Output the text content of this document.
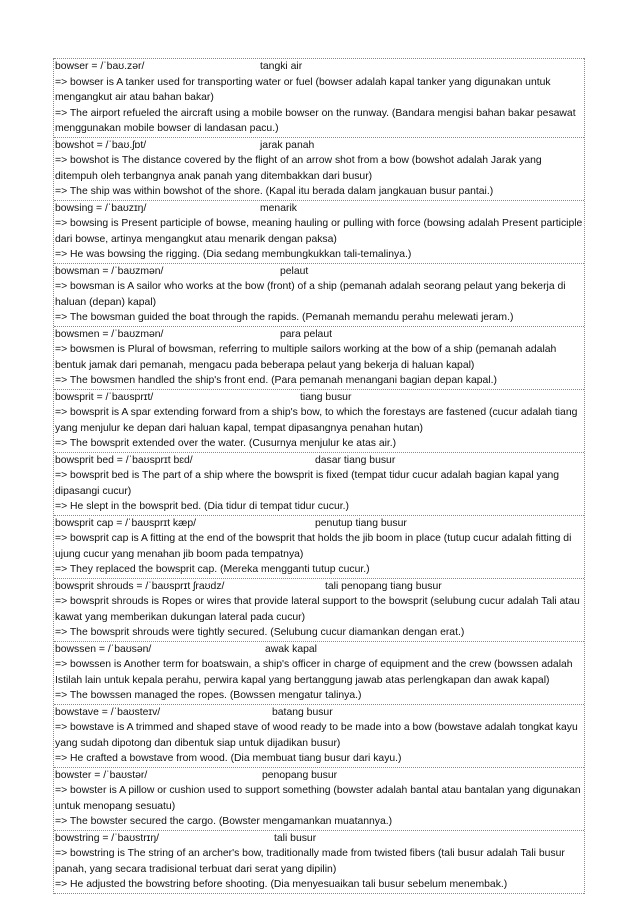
bowser = /ˈbaʊ.zər/	tangki air
=> bowser is A tanker used for transporting water or fuel (bowser adalah kapal tanker yang digunakan untuk mengangkut air atau bahan bakar)
=> The airport refueled the aircraft using a mobile bowser on the runway. (Bandara mengisi bahan bakar pesawat menggunakan mobile bowser di landasan pacu.)
bowshot = /ˈbaʊ.ʃɒt/	jarak panah
=> bowshot is The distance covered by the flight of an arrow shot from a bow (bowshot adalah Jarak yang ditempuh oleh terbangnya anak panah yang ditembakkan dari busur)
=> The ship was within bowshot of the shore. (Kapal itu berada dalam jangkauan busur pantai.)
bowsing = /ˈbaʊzɪŋ/	menarik
=> bowsing is Present participle of bowse, meaning hauling or pulling with force (bowsing adalah Present participle dari bowse, artinya mengangkut atau menarik dengan paksa)
=> He was bowsing the rigging. (Dia sedang membungkukkan tali-temalinya.)
bowsman = /ˈbaʊzmən/	pelaut
=> bowsman is A sailor who works at the bow (front) of a ship (pemanah adalah seorang pelaut yang bekerja di haluan (depan) kapal)
=> The bowsman guided the boat through the rapids. (Pemanah memandu perahu melewati jeram.)
bowsmen = /ˈbaʊzmən/	para pelaut
=> bowsmen is Plural of bowsman, referring to multiple sailors working at the bow of a ship (pemanah adalah bentuk jamak dari pemanah, mengacu pada beberapa pelaut yang bekerja di haluan kapal)
=> The bowsmen handled the ship's front end. (Para pemanah menangani bagian depan kapal.)
bowsprit = /ˈbaʊsprɪt/	tiang busur
=> bowsprit is A spar extending forward from a ship's bow, to which the forestays are fastened (cucur adalah tiang yang menjulur ke depan dari haluan kapal, tempat dipasangnya penahan hutan)
=> The bowsprit extended over the water. (Cusurnya menjulur ke atas air.)
bowsprit bed = /ˈbaʊsprɪt bɛd/	dasar tiang busur
=> bowsprit bed is The part of a ship where the bowsprit is fixed (tempat tidur cucur adalah bagian kapal yang dipasangi cucur)
=> He slept in the bowsprit bed. (Dia tidur di tempat tidur cucur.)
bowsprit cap = /ˈbaʊsprɪt kæp/	penutup tiang busur
=> bowsprit cap is A fitting at the end of the bowsprit that holds the jib boom in place (tutup cucur adalah fitting di ujung cucur yang menahan jib boom pada tempatnya)
=> They replaced the bowsprit cap. (Mereka mengganti tutup cucur.)
bowsprit shrouds = /ˈbaʊsprɪt ʃraʊdz/	tali penopang tiang busur
=> bowsprit shrouds is Ropes or wires that provide lateral support to the bowsprit (selubung cucur adalah Tali atau kawat yang memberikan dukungan lateral pada cucur)
=> The bowsprit shrouds were tightly secured. (Selubung cucur diamankan dengan erat.)
bowssen = /ˈbaʊsən/	awak kapal
=> bowssen is Another term for boatswain, a ship's officer in charge of equipment and the crew (bowssen adalah Istilah lain untuk kepala perahu, perwira kapal yang bertanggung jawab atas perlengkapan dan awak kapal)
=> The bowssen managed the ropes. (Bowssen mengatur talinya.)
bowstave = /ˈbaʊsteɪv/	batang busur
=> bowstave is A trimmed and shaped stave of wood ready to be made into a bow (bowstave adalah tongkat kayu yang sudah dipotong dan dibentuk siap untuk dijadikan busur)
=> He crafted a bowstave from wood. (Dia membuat tiang busur dari kayu.)
bowster = /ˈbaʊstər/	penopang busur
=> bowster is A pillow or cushion used to support something (bowster adalah bantal atau bantalan yang digunakan untuk menopang sesuatu)
=> The bowster secured the cargo. (Bowster mengamankan muatannya.)
bowstring = /ˈbaʊstrɪŋ/	tali busur
=> bowstring is The string of an archer's bow, traditionally made from twisted fibers (tali busur adalah Tali busur panah, yang secara tradisional terbuat dari serat yang dipilin)
=> He adjusted the bowstring before shooting. (Dia menyesuaikan tali busur sebelum menembak.)
